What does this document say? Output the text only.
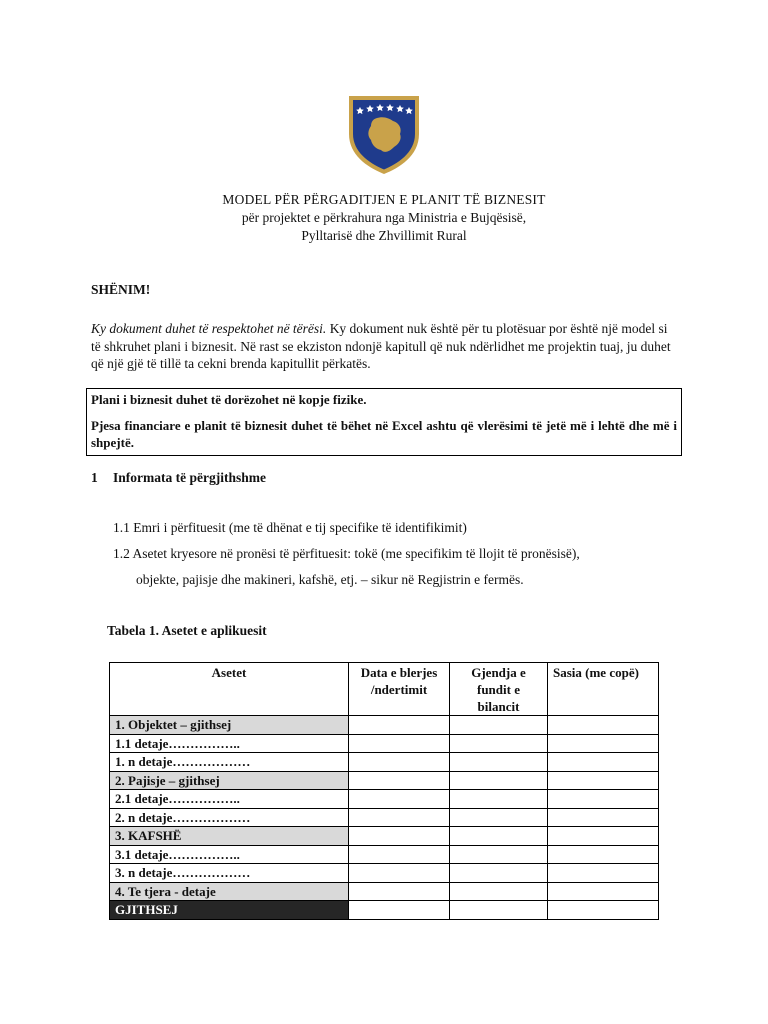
MODEL PËR PËRGADITJEN E PLANIT TË BIZNESIT
për projektet e përkrahura nga Ministria e Bujqësisë,
Pylltarisë dhe Zhvillimit Rural
SHËNIM!
Ky dokument duhet të respektohet në tërësi. Ky dokument nuk është për tu plotësuar por është një model si të shkruhet plani i biznesit. Në rast se ekziston ndonjë kapitull që nuk ndërlidhet me projektin tuaj, ju duhet që një gjë të tillë ta cekni brenda kapitullit përkatës.
Plani i biznesit duhet të dorëzohet në kopje fizike.
Pjesa financiare e planit të biznesit duhet të bëhet në Excel ashtu që vlerësimi të jetë më i lehtë dhe më i shpejtë.
1 Informata të përgjithshme
1.1 Emri i përfituesit (me të dhënat e tij specifike të identifikimit)
1.2 Asetet kryesore në pronësi të përfituesit: tokë (me specifikim të llojit të pronësisë),
objekte, pajisje dhe makineri, kafshë, etj. – sikur në Regjistrin e fermës.
Tabela 1. Asetet e aplikuesit
Asetet	Data e blerjes /ndertimit	Gjendja e fundit e bilancit	Sasia (me copë)
1. Objektet – gjithsej			
1.1 detaje……………..			
1. n detaje………………			
2. Pajisje – gjithsej			
2.1 detaje……………..			
2. n detaje………………			
3. KAFSHË			
3.1 detaje……………..			
3. n detaje………………			
4. Te tjera - detaje			
GJITHSEJ			
